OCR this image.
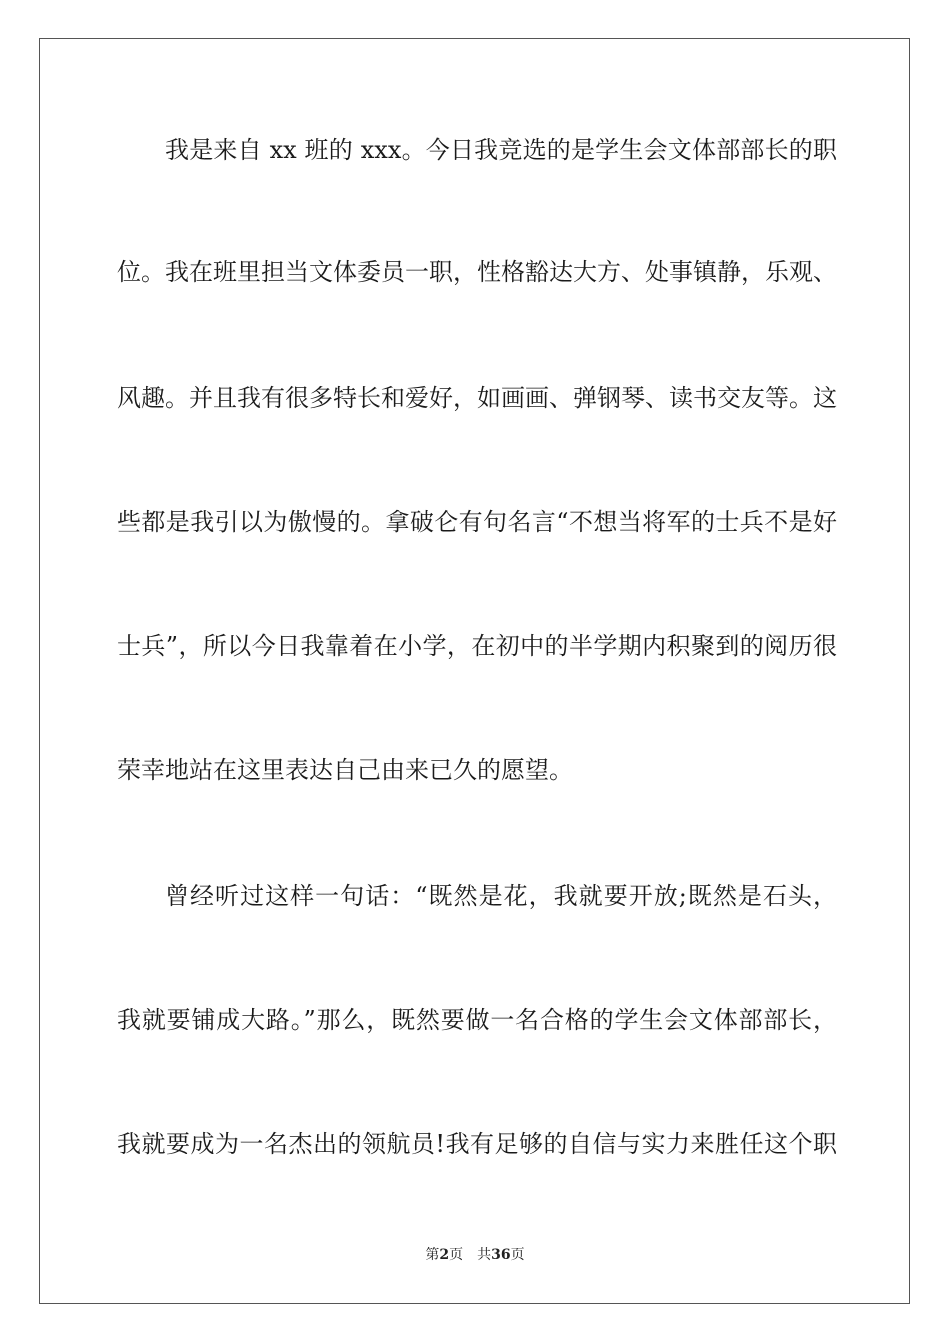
我是来自 xx 班的 xxx。今日我竞选的是学生会文体部部长的职
位。我在班里担当文体委员一职，性格豁达大方、处事镇静，乐观、
风趣。并且我有很多特长和爱好，如画画、弹钢琴、读书交友等。这
些都是我引以为傲慢的。拿破仑有句名言“不想当将军的士兵不是好
士兵”，所以今日我靠着在小学，在初中的半学期内积聚到的阅历很
荣幸地站在这里表达自己由来已久的愿望。
曾经听过这样一句话：“既然是花，我就要开放;既然是石头，
我就要铺成大路。”那么，既然要做一名合格的学生会文体部部长，
我就要成为一名杰出的领航员!我有足够的自信与实力来胜任这个职
第2页 共36页
